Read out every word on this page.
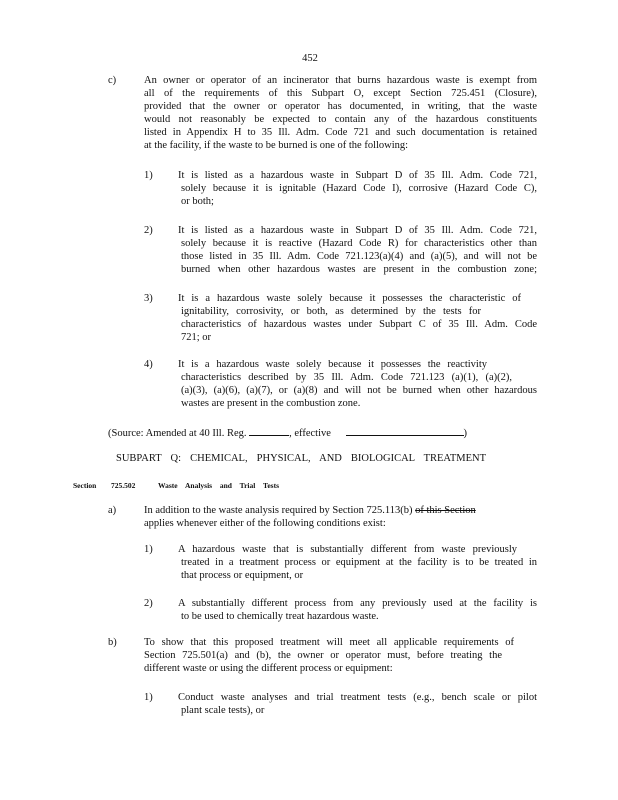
452
c)	An owner or operator of an incinerator that burns hazardous waste is exempt from
all of the requirements of this Subpart O, except Section 725.451 (Closure),
provided that the owner or operator has documented, in writing, that the waste
would not reasonably be expected to contain any of the hazardous constituents
listed in Appendix H to 35 Ill. Adm. Code 721 and such documentation is retained
at the facility, if the waste to be burned is one of the following:
1) It is listed as a hazardous waste in Subpart D of 35 Ill. Adm. Code 721,
solely because it is ignitable (Hazard Code I), corrosive (Hazard Code C),
or both;
2) It is listed as a hazardous waste in Subpart D of 35 Ill. Adm. Code 721,
solely because it is reactive (Hazard Code R) for characteristics other than
those listed in 35 Ill. Adm. Code 721.123(a)(4) and (a)(5), and will not be
burned when other hazardous wastes are present in the combustion zone;
3) It is a hazardous waste solely because it possesses the characteristic of
ignitability, corrosivity, or both, as determined by the tests for
characteristics of hazardous wastes under Subpart C of 35 Ill. Adm. Code
721; or
4) It is a hazardous waste solely because it possesses the reactivity
characteristics described by 35 Ill. Adm. Code 721.123 (a)(1), (a)(2),
(a)(3), (a)(6), (a)(7), or (a)(8) and will not be burned when other hazardous
wastes are present in the combustion zone.
(Source: Amended at 40 Ill. Reg.	, effective	)
SUBPART Q: CHEMICAL, PHYSICAL, AND BIOLOGICAL TREATMENT
Section 725.502	Waste Analysis and Trial Tests
a)	In addition to the waste analysis required by Section 725.113(b) of this Section
applies whenever either of the following conditions exist:
1) A hazardous waste that is substantially different from waste previously
treated in a treatment process or equipment at the facility is to be treated in
that process or equipment, or
2) A substantially different process from any previously used at the facility is
to be used to chemically treat hazardous waste.
b)	To show that this proposed treatment will meet all applicable requirements of
Section 725.501(a) and (b), the owner or operator must, before treating the
different waste or using the different process or equipment:
1) Conduct waste analyses and trial treatment tests (e.g., bench scale or pilot
plant scale tests), or
